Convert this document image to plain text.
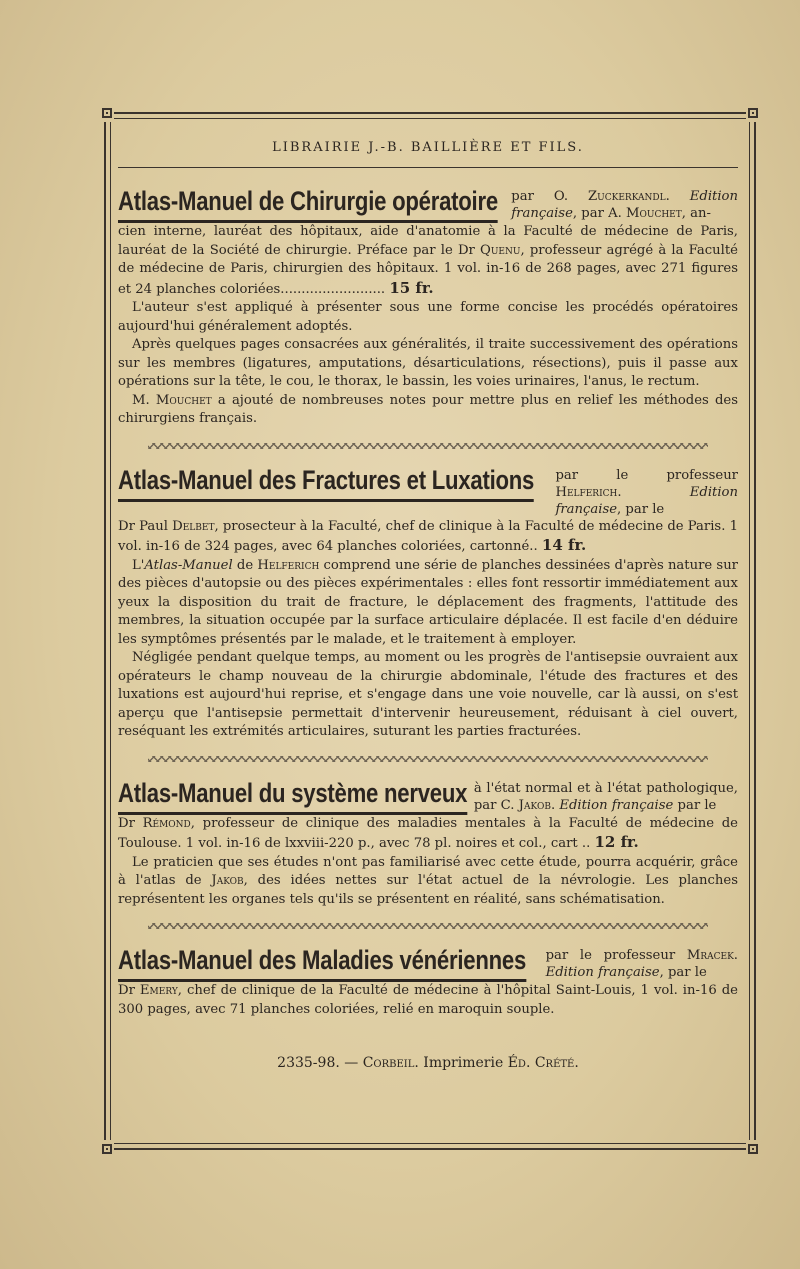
LIBRAIRIE J.-B. BAILLIÈRE ET FILS.
Atlas-Manuel de Chirurgie opératoire	par O. Zuckerkandl. Edition française, par A. Mouchet, an-

cien interne, lauréat des hôpitaux, aide d'anatomie à la Faculté de médecine de Paris, lauréat de la Société de chirurgie. Préface par le Dr Quenu, professeur agrégé à la Faculté de médecine de Paris, chirurgien des hôpitaux. 1 vol. in-16 de 268 pages, avec 271 figures et 24 planches coloriées......................... 15 fr.

L'auteur s'est appliqué à présenter sous une forme concise les procédés opératoires aujourd'hui généralement adoptés.

Après quelques pages consacrées aux généralités, il traite successivement des opérations sur les membres (ligatures, amputations, désarticulations, résections), puis il passe aux opérations sur la tête, le cou, le thorax, le bassin, les voies urinaires, l'anus, le rectum.

M. Mouchet a ajouté de nombreuses notes pour mettre plus en relief les méthodes des chirurgiens français.

Atlas-Manuel des Fractures et Luxations	par le professeur Helferich. Edition française, par le

Dr Paul Delbet, prosecteur à la Faculté, chef de clinique à la Faculté de médecine de Paris. 1 vol. in-16 de 324 pages, avec 64 planches coloriées, cartonné.. 14 fr.

L'Atlas-Manuel de Helferich comprend une série de planches dessinées d'après nature sur des pièces d'autopsie ou des pièces expérimentales : elles font ressortir immédiatement aux yeux la disposition du trait de fracture, le déplacement des fragments, l'attitude des membres, la situation occupée par la surface articulaire déplacée. Il est facile d'en déduire les symptômes présentés par le malade, et le traitement à employer.

Négligée pendant quelque temps, au moment ou les progrès de l'antisepsie ouvraient aux opérateurs le champ nouveau de la chirurgie abdominale, l'étude des fractures et des luxations est aujourd'hui reprise, et s'engage dans une voie nouvelle, car là aussi, on s'est aperçu que l'antisepsie permettait d'intervenir heureusement, réduisant à ciel ouvert, reséquant les extrémités articulaires, suturant les parties fracturées.

Atlas-Manuel du système nerveux à l'état normal et à l'état pathologique, par C. Jakob. Edition française par le

Dr Rémond, professeur de clinique des maladies mentales à la Faculté de médecine de Toulouse. 1 vol. in-16 de lxxviii-220 p., avec 78 pl. noires et col., cart .. 12 fr.

Le praticien que ses études n'ont pas familiarisé avec cette étude, pourra acquérir, grâce à l'atlas de Jakob, des idées nettes sur l'état actuel de la névrologie. Les planches représentent les organes tels qu'ils se présentent en réalité, sans schématisation.

Atlas-Manuel des Maladies vénériennes	par le professeur Mracek. Edition française, par le

Dr Emery, chef de clinique de la Faculté de médecine à l'hôpital Saint-Louis, 1 vol. in-16 de 300 pages, avec 71 planches coloriées, relié en maroquin souple.

2335-98. — Corbeil. Imprimerie Éd. Crété.
